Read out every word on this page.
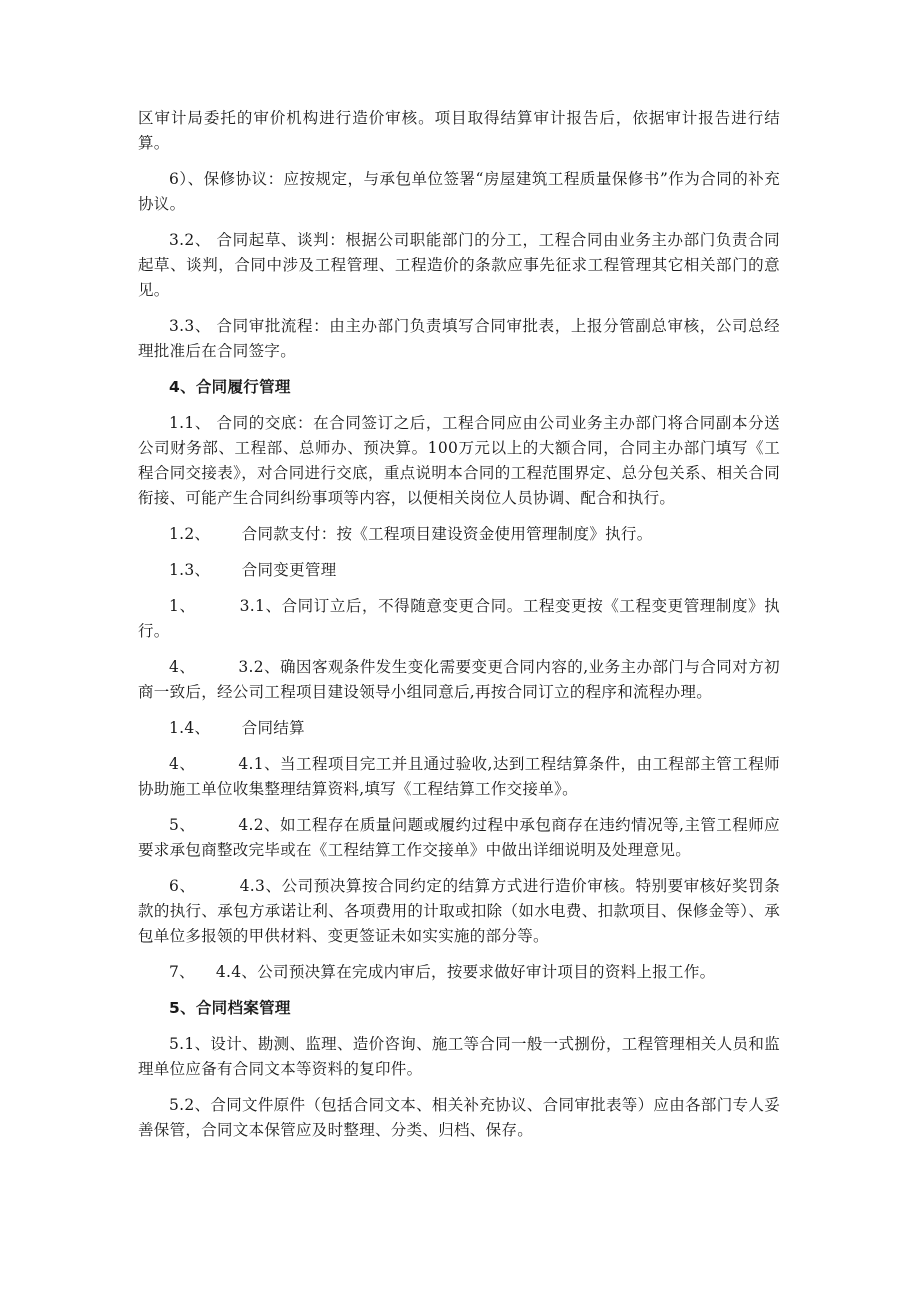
区审计局委托的审价机构进行造价审核。项目取得结算审计报告后，依据审计报告进行结算。

6）、保修协议：应按规定，与承包单位签署“房屋建筑工程质量保修书”作为合同的补充协议。

3.2、 合同起草、谈判：根据公司职能部门的分工，工程合同由业务主办部门负责合同起草、谈判，合同中涉及工程管理、工程造价的条款应事先征求工程管理其它相关部门的意见。

3.3、 合同审批流程：由主办部门负责填写合同审批表，上报分管副总审核，公司总经理批准后在合同签字。

4、合同履行管理

1.1、 合同的交底：在合同签订之后，工程合同应由公司业务主办部门将合同副本分送公司财务部、工程部、总师办、预决算。100万元以上的大额合同，合同主办部门填写《工程合同交接表》，对合同进行交底，重点说明本合同的工程范围界定、总分包关系、相关合同衔接、可能产生合同纠纷事项等内容，以便相关岗位人员协调、配合和执行。

1.2、      合同款支付：按《工程项目建设资金使用管理制度》执行。

1.3、      合同变更管理

1、        3.1、合同订立后，不得随意变更合同。工程变更按《工程变更管理制度》执行。

4、        3.2、确因客观条件发生变化需要变更合同内容的,业务主办部门与合同对方初商一致后，经公司工程项目建设领导小组同意后,再按合同订立的程序和流程办理。

1.4、      合同结算

4、        4.1、当工程项目完工并且通过验收,达到工程结算条件，由工程部主管工程师协助施工单位收集整理结算资料,填写《工程结算工作交接单》。

5、        4.2、如工程存在质量问题或履约过程中承包商存在违约情况等,主管工程师应要求承包商整改完毕或在《工程结算工作交接单》中做出详细说明及处理意见。

6、        4.3、公司预决算按合同约定的结算方式进行造价审核。特别要审核好奖罚条款的执行、承包方承诺让利、各项费用的计取或扣除（如水电费、扣款项目、保修金等）、承包单位多报领的甲供材料、变更签证未如实实施的部分等。

7、    4.4、公司预决算在完成内审后，按要求做好审计项目的资料上报工作。

5、合同档案管理

5.1、设计、勘测、监理、造价咨询、施工等合同一般一式捌份，工程管理相关人员和监理单位应备有合同文本等资料的复印件。

5.2、合同文件原件（包括合同文本、相关补充协议、合同审批表等）应由各部门专人妥善保管，合同文本保管应及时整理、分类、归档、保存。
